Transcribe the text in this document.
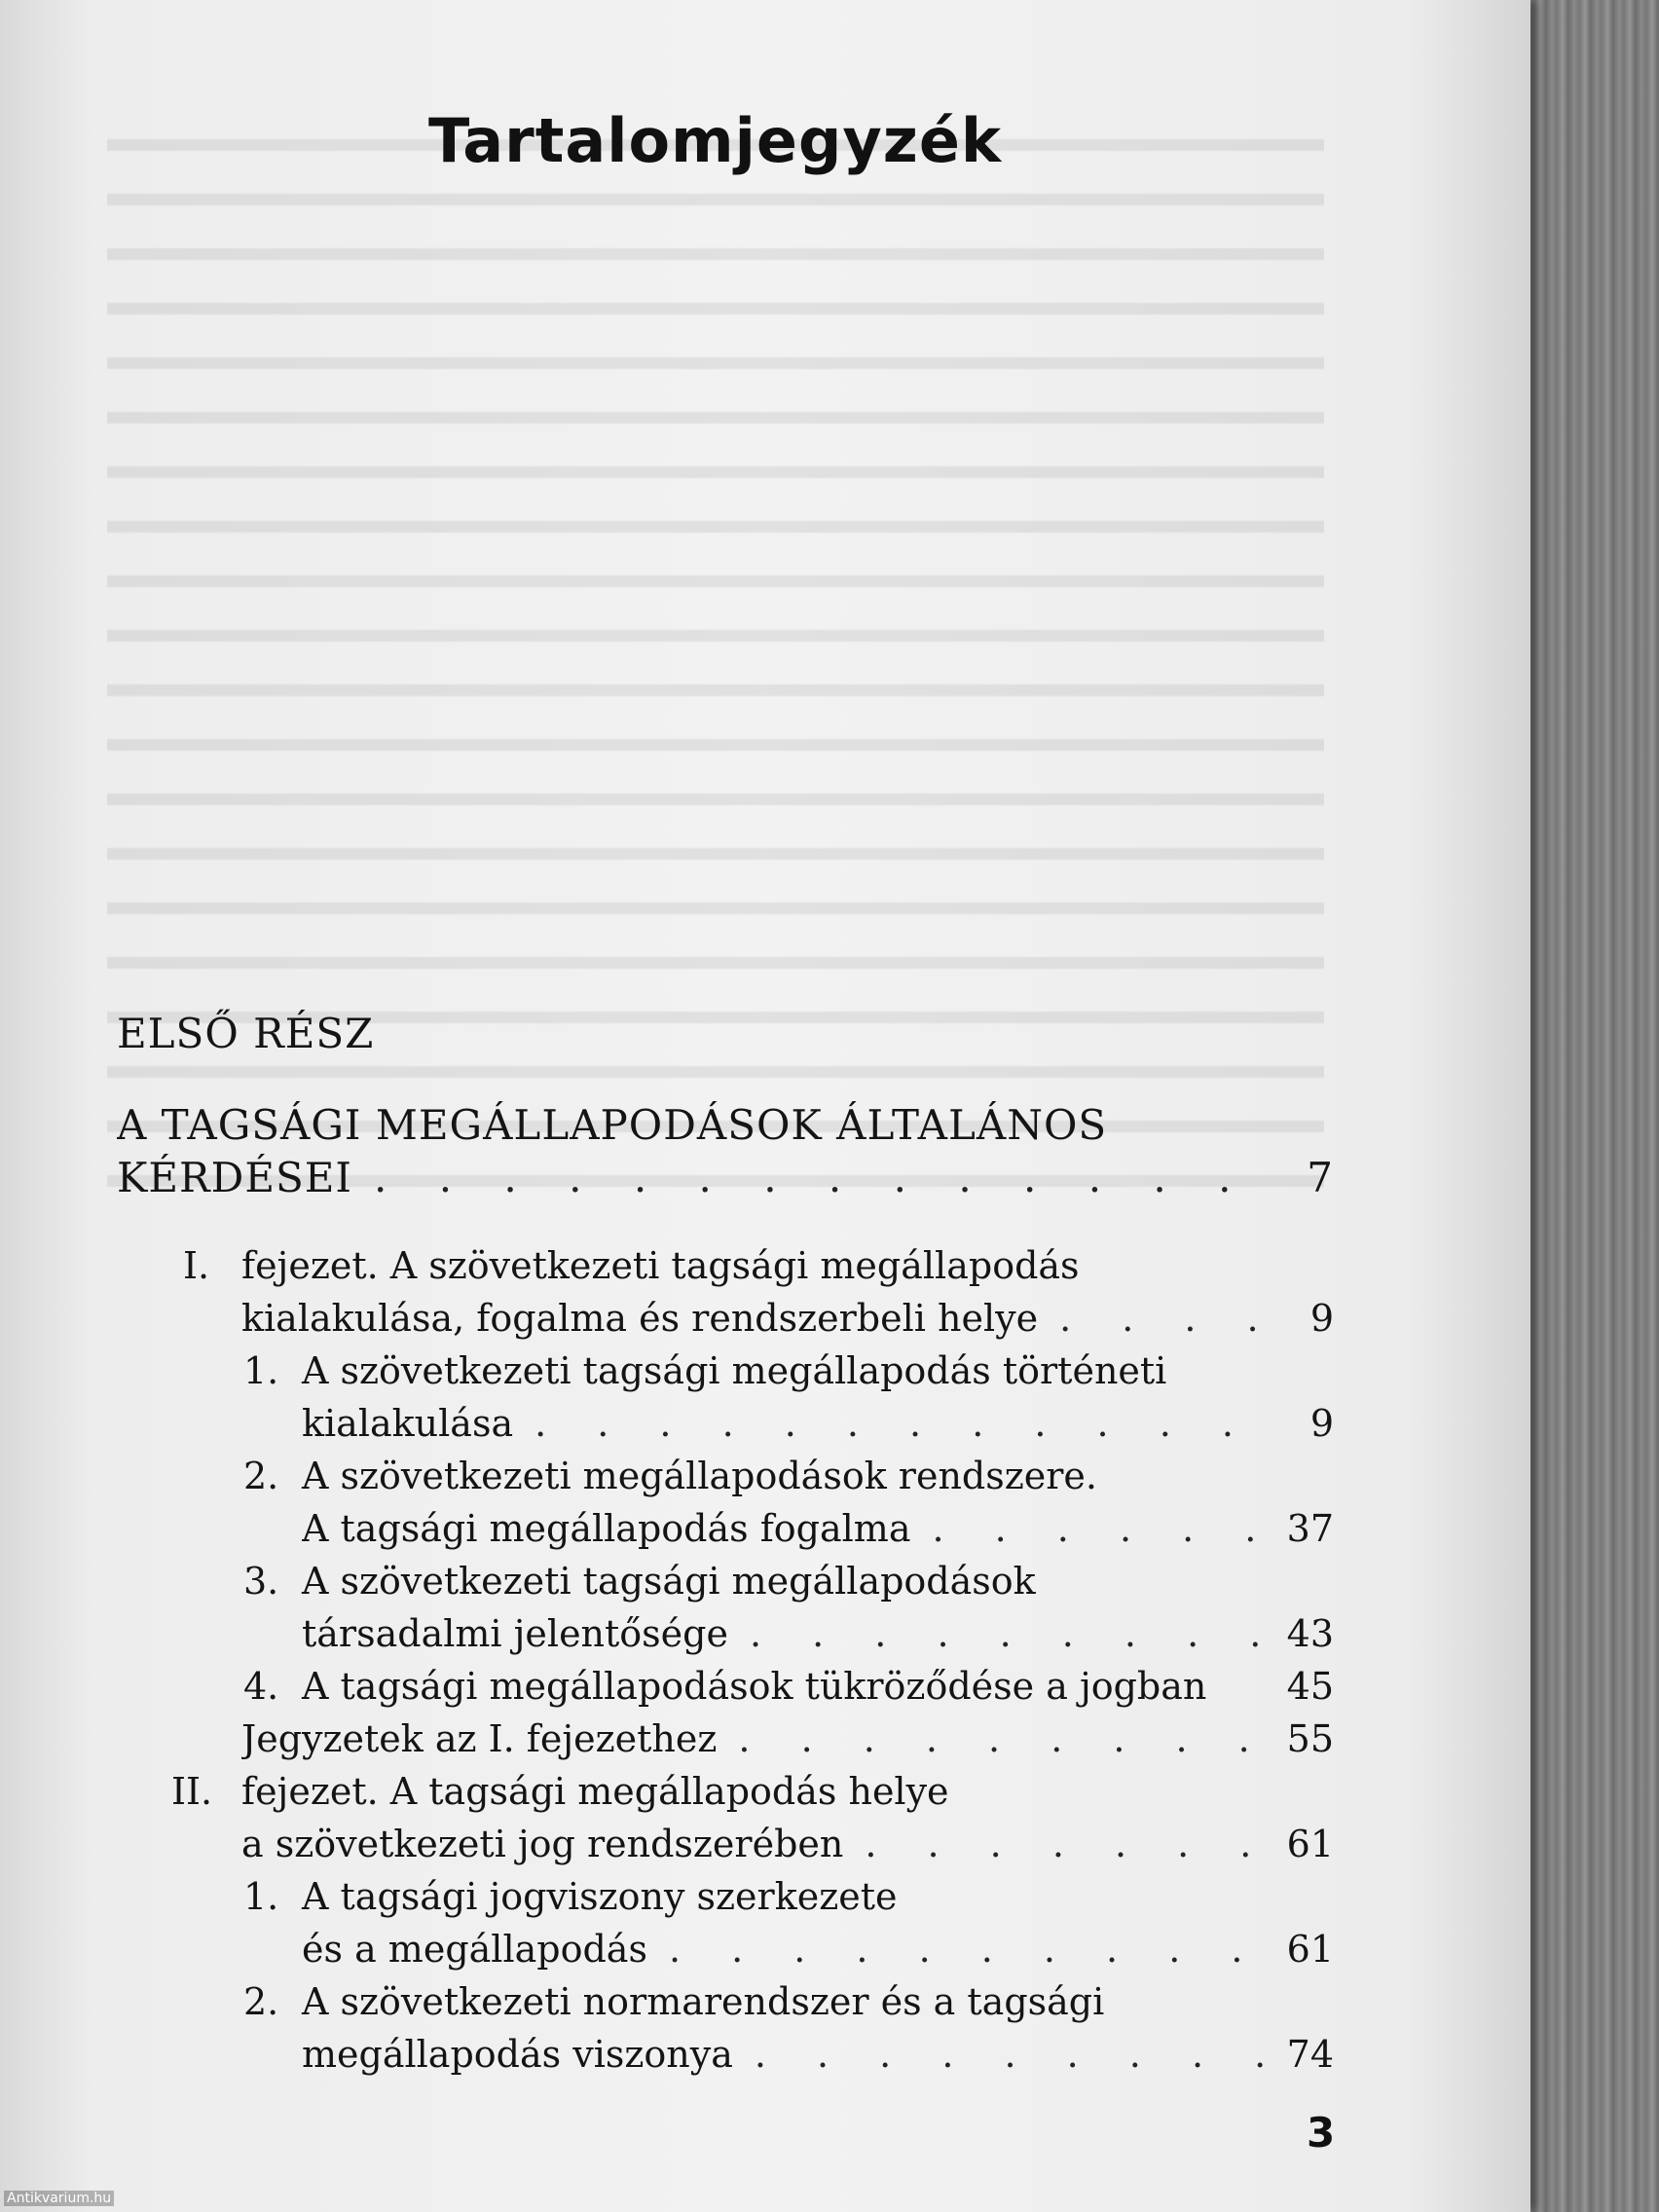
Tartalomjegyzék
ELSŐ RÉSZ
A TAGSÁGI MEGÁLLAPODÁSOK ÁLTALÁNOS
KÉRDÉSEI . . .	7
I. fejezet. A szövetkezeti tagsági megállapodás
kialakulása, fogalma és rendszerbeli helye . . .	9
1. A szövetkezeti tagsági megállapodás történeti
kialakulása . . .	9
2. A szövetkezeti megállapodások rendszere.
A tagsági megállapodás fogalma . . .	37
3. A szövetkezeti tagsági megállapodások
társadalmi jelentősége . . .	43
4. A tagsági megállapodások tükröződése a jogban 45
Jegyzetek az I. fejezethez . . .	55
II. fejezet. A tagsági megállapodás helye
a szövetkezeti jog rendszerében . . .	61
1. A tagsági jogviszony szerkezete
és a megállapodás . . .	61
2. A szövetkezeti normarendszer és a tagsági
megállapodás viszonya . . .	74
3
Antikvarium.hu
